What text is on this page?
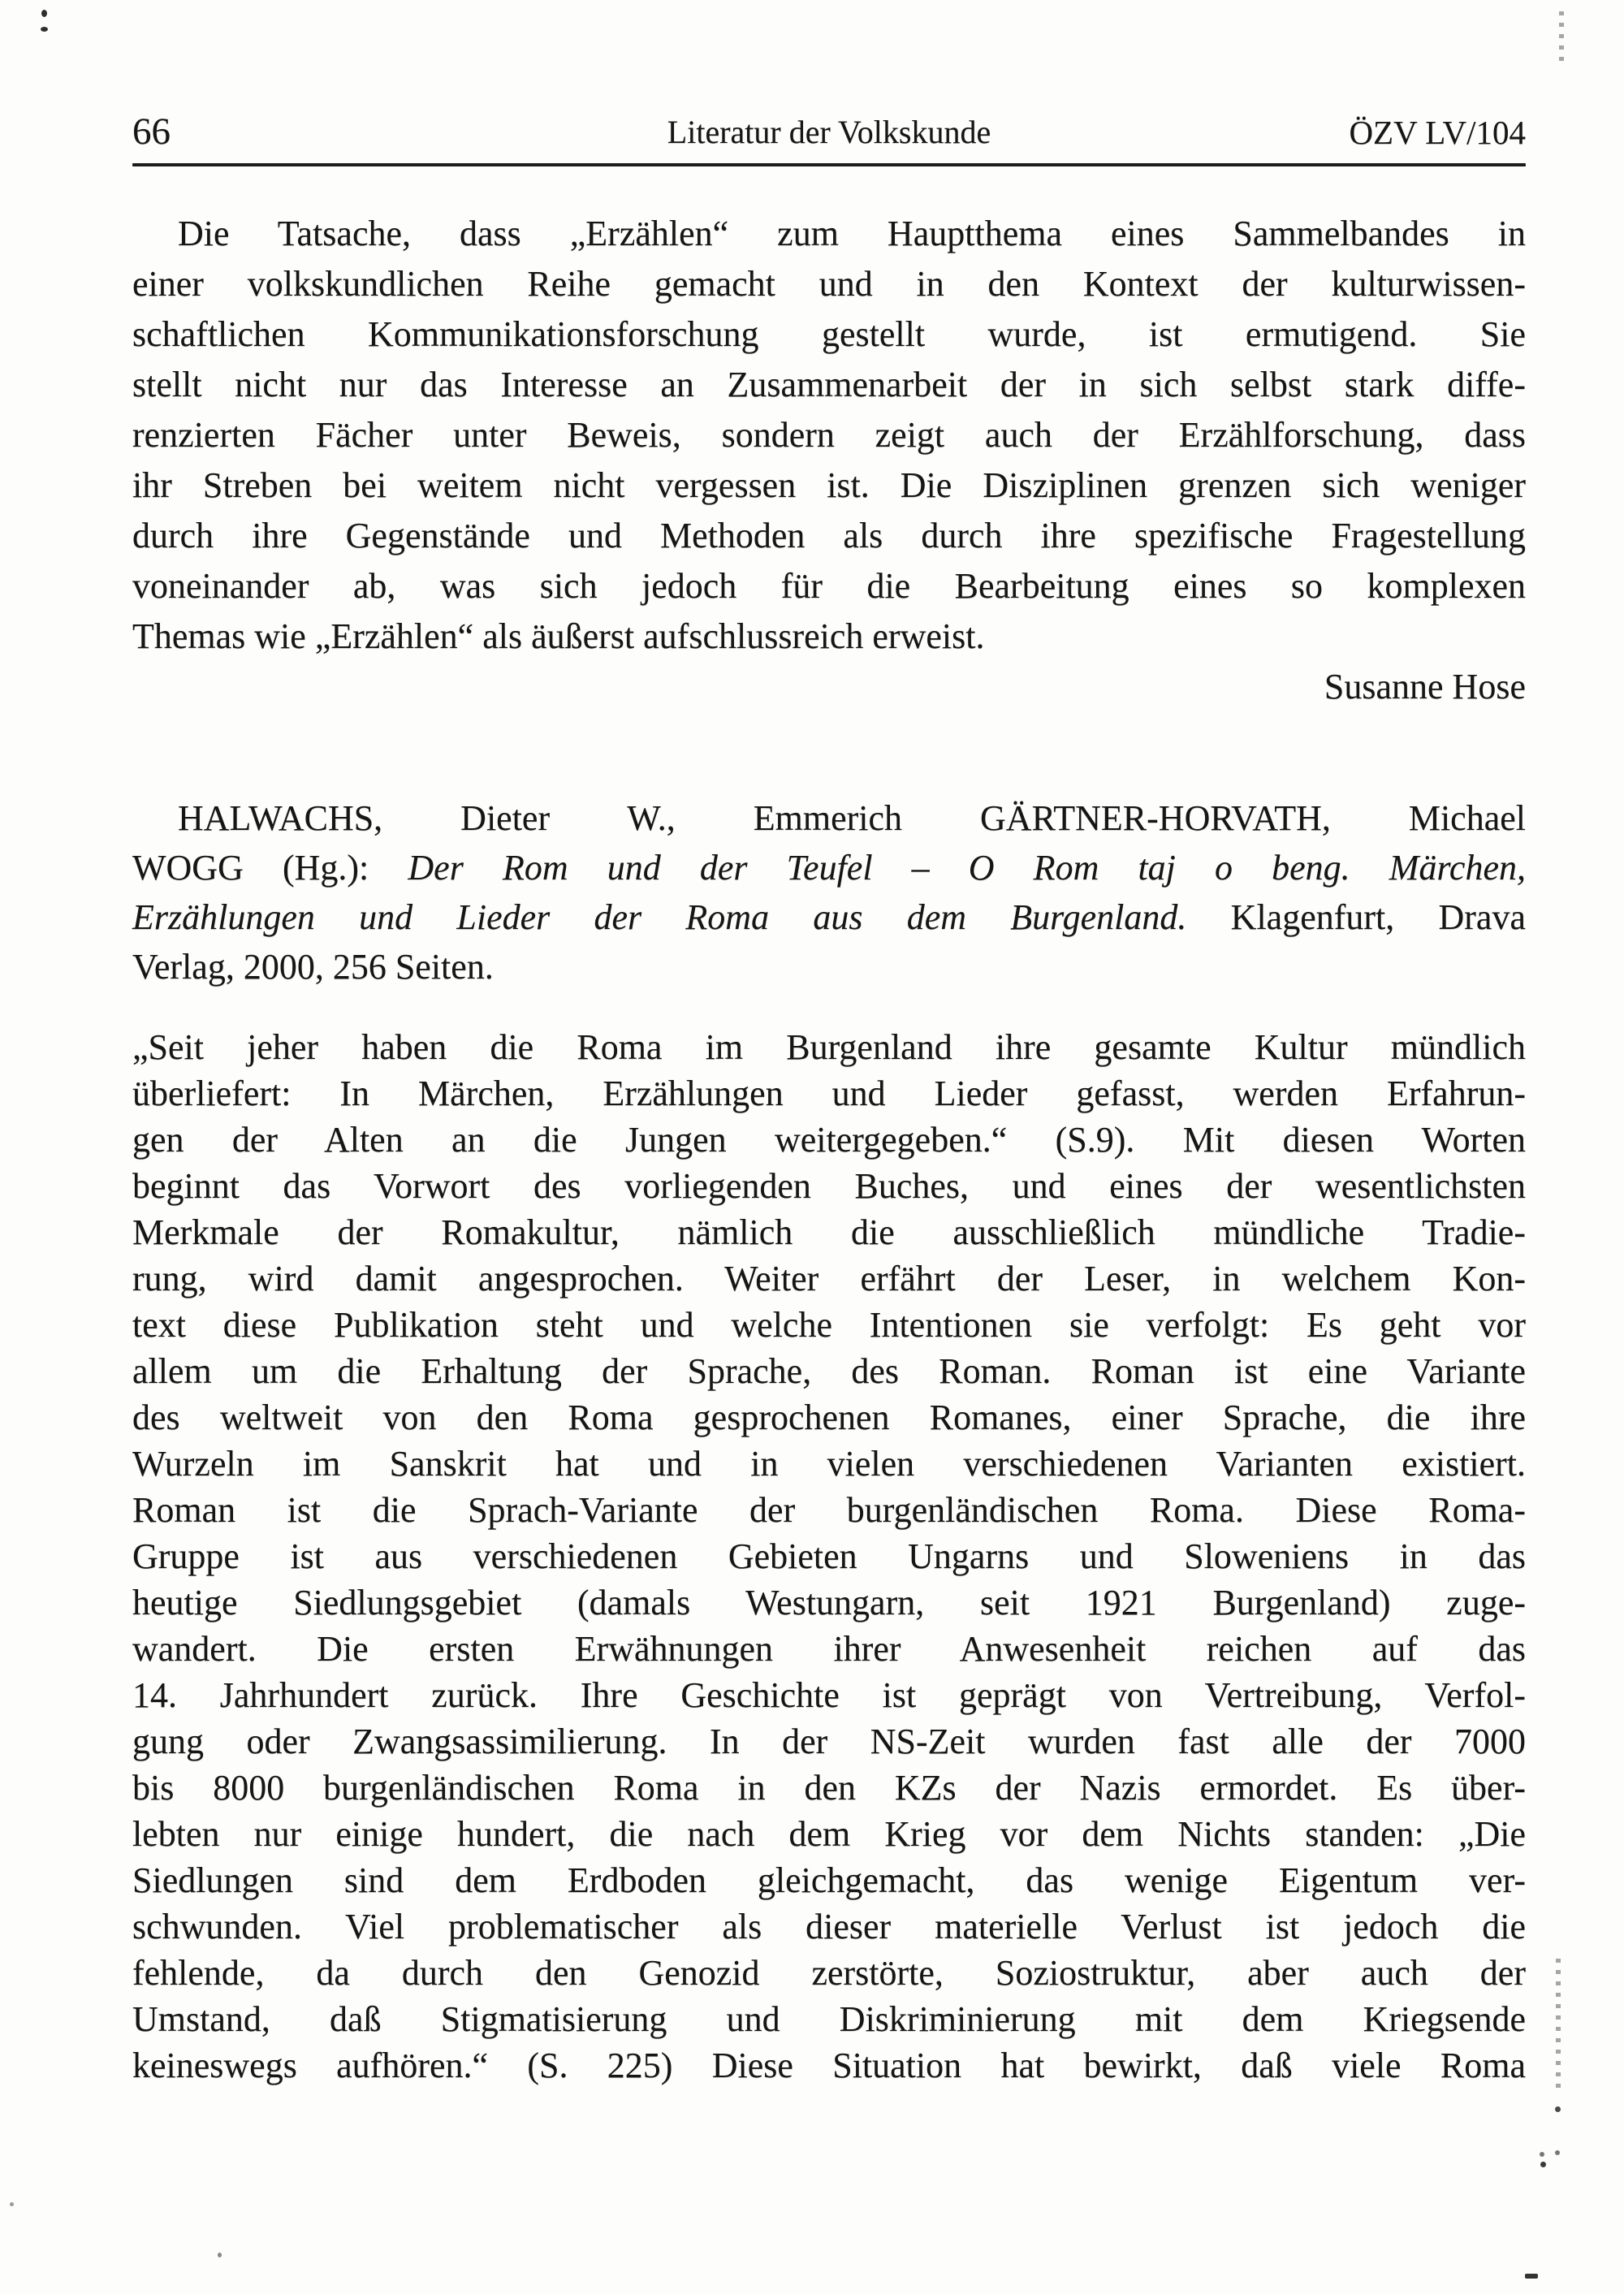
66	Literatur der Volkskunde	ÖZV LV/104
Die Tatsache, dass „Erzählen“ zum Hauptthema eines Sammelbandes in
einer volkskundlichen Reihe gemacht und in den Kontext der kulturwissen-
schaftlichen Kommunikationsforschung gestellt wurde, ist ermutigend. Sie
stellt nicht nur das Interesse an Zusammenarbeit der in sich selbst stark diffe-
renzierten Fächer unter Beweis, sondern zeigt auch der Erzählforschung, dass
ihr Streben bei weitem nicht vergessen ist. Die Disziplinen grenzen sich weniger
durch ihre Gegenstände und Methoden als durch ihre spezifische Fragestellung
voneinander ab, was sich jedoch für die Bearbeitung eines so komplexen
Themas wie „Erzählen“ als äußerst aufschlussreich erweist.
Susanne Hose
HALWACHS, Dieter W., Emmerich GÄRTNER-HORVATH, Michael
WOGG (Hg.): Der Rom und der Teufel – O Rom taj o beng. Märchen,
Erzählungen und Lieder der Roma aus dem Burgenland. Klagenfurt, Drava
Verlag, 2000, 256 Seiten.
„Seit jeher haben die Roma im Burgenland ihre gesamte Kultur mündlich
überliefert: In Märchen, Erzählungen und Lieder gefasst, werden Erfahrun-
gen der Alten an die Jungen weitergegeben.“ (S.9). Mit diesen Worten
beginnt das Vorwort des vorliegenden Buches, und eines der wesentlichsten
Merkmale der Romakultur, nämlich die ausschließlich mündliche Tradie-
rung, wird damit angesprochen. Weiter erfährt der Leser, in welchem Kon-
text diese Publikation steht und welche Intentionen sie verfolgt: Es geht vor
allem um die Erhaltung der Sprache, des Roman. Roman ist eine Variante
des weltweit von den Roma gesprochenen Romanes, einer Sprache, die ihre
Wurzeln im Sanskrit hat und in vielen verschiedenen Varianten existiert.
Roman ist die Sprach-Variante der burgenländischen Roma. Diese Roma-
Gruppe ist aus verschiedenen Gebieten Ungarns und Sloweniens in das
heutige Siedlungsgebiet (damals Westungarn, seit 1921 Burgenland) zuge-
wandert. Die ersten Erwähnungen ihrer Anwesenheit reichen auf das
14. Jahrhundert zurück. Ihre Geschichte ist geprägt von Vertreibung, Verfol-
gung oder Zwangsassimilierung. In der NS-Zeit wurden fast alle der 7000
bis 8000 burgenländischen Roma in den KZs der Nazis ermordet. Es über-
lebten nur einige hundert, die nach dem Krieg vor dem Nichts standen: „Die
Siedlungen sind dem Erdboden gleichgemacht, das wenige Eigentum ver-
schwunden. Viel problematischer als dieser materielle Verlust ist jedoch die
fehlende, da durch den Genozid zerstörte, Soziostruktur, aber auch der
Umstand, daß Stigmatisierung und Diskriminierung mit dem Kriegsende
keineswegs aufhören.“ (S. 225) Diese Situation hat bewirkt, daß viele Roma
